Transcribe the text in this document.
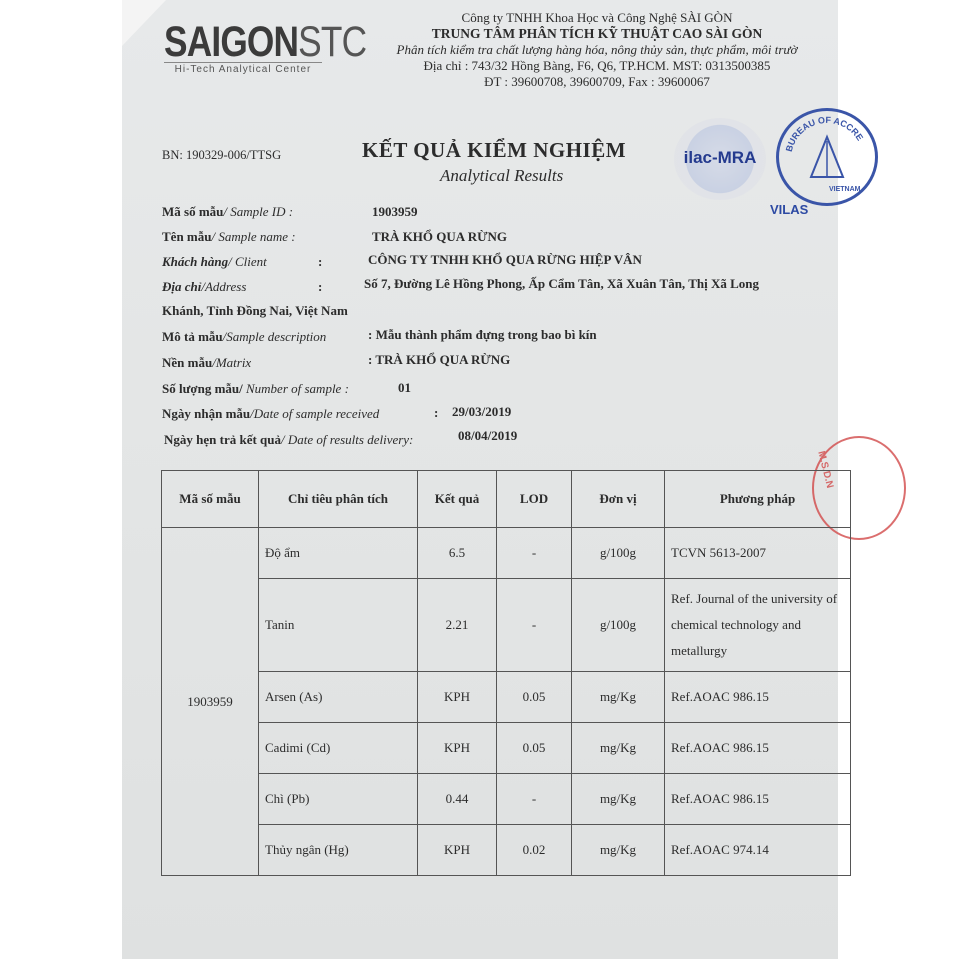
SAIGONSTC
Hi-Tech Analytical Center
Công ty TNHH Khoa Học và Công Nghệ SÀI GÒN
TRUNG TÂM PHÂN TÍCH KỸ THUẬT CAO SÀI GÒN
Phân tích kiểm tra chất lượng hàng hóa, nông thủy sản, thực phẩm, môi trườ
Địa chỉ : 743/32 Hồng Bàng, F6, Q6, TP.HCM. MST: 0313500385
ĐT : 39600708, 39600709, Fax : 39600067
BN: 190329-006/TTSG	KẾT QUẢ KIỂM NGHIỆM
Analytical Results
ilac-MRA	BUREAU OF ACCRE
VIETNAM
VILAS
Mã số mẫu/ Sample ID :	1903959
Tên mẫu/ Sample name :	TRÀ KHỔ QUA RỪNG
Khách hàng/ Client	:	CÔNG TY TNHH KHỔ QUA RỪNG HIỆP VÂN
Địa chỉ/Address	:	Số 7, Đường Lê Hồng Phong, Ấp Cẩm Tân, Xã Xuân Tân, Thị Xã Long
Khánh, Tỉnh Đồng Nai, Việt Nam
Mô tả mẫu/Sample description	: Mẫu thành phẩm đựng trong bao bì kín
Nền mẫu/Matrix	: TRÀ KHỔ QUA RỪNG
Số lượng mẫu/ Number of sample :	01
Ngày nhận mẫu/Date of sample received	: 29/03/2019
Ngày hẹn trả kết quả/ Date of results delivery:	08/04/2019
M.S.D.N
Mã số mẫu	Chỉ tiêu phân tích	Kết quả	LOD	Đơn vị	Phương pháp
1903959	Độ ẩm	6.5	-	g/100g	TCVN 5613-2007
	Tanin	2.21	-	g/100g	Ref. Journal of the university of chemical technology and metallurgy
	Arsen (As)	KPH	0.05	mg/Kg	Ref.AOAC 986.15
	Cadimi (Cd)	KPH	0.05	mg/Kg	Ref.AOAC 986.15
	Chì (Pb)	0.44	-	mg/Kg	Ref.AOAC 986.15
	Thủy ngân (Hg)	KPH	0.02	mg/Kg	Ref.AOAC 974.14
